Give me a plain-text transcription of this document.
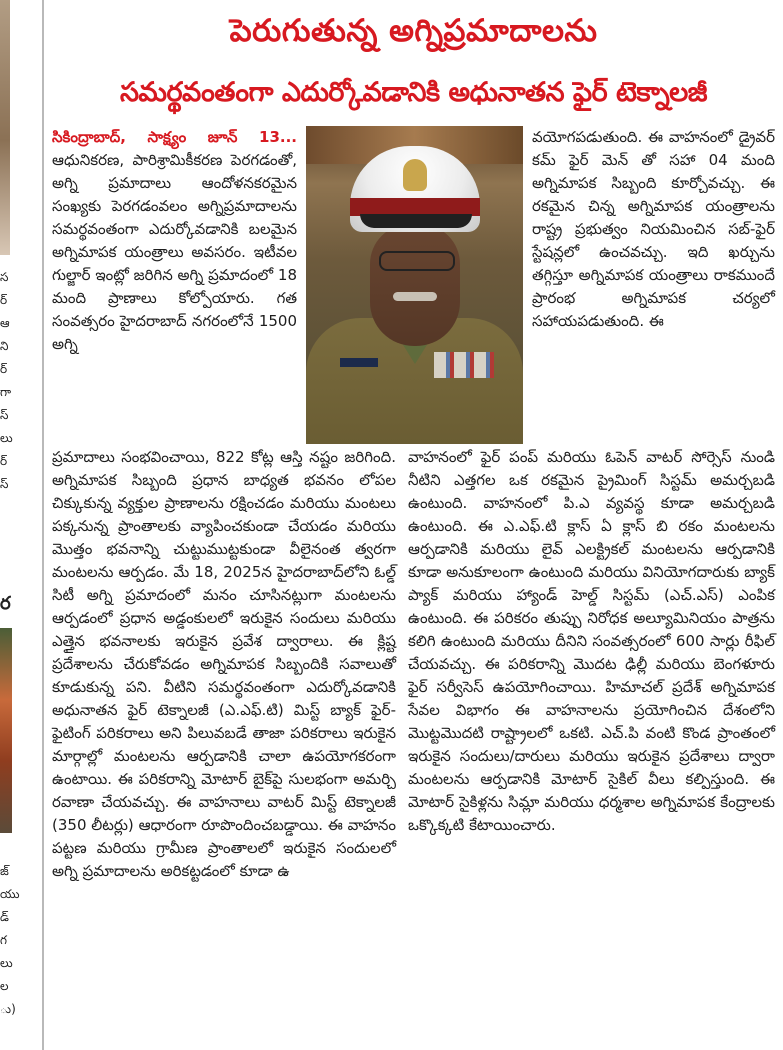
స
ర్
ఆ
ని
ర్
గా
స్
లు
ర్
స్
ర
జ్
యు
డ్
గ
లు
ల
ు)
పెరుగుతున్న అగ్నిప్రమాదాలను
సమర్థవంతంగా ఎదుర్కోవడానికి అధునాతన ఫైర్ టెక్నాలజీ
సికింద్రాబాద్, సాక్ష్యం జూన్ 13... ఆధునికరణ, పారిశ్రామికీకరణ పెరగడంతో, అగ్ని ప్రమాదాలు ఆందోళనకరమైన సంఖ్యకు పెరగడంవలం అగ్నిప్రమాదాలను సమర్థవంతంగా ఎదుర్కోవడానికి బలమైన అగ్నిమాపక యంత్రాలు అవసరం. ఇటీవల గుల్జార్ ఇంట్లో జరిగిన అగ్ని ప్రమాదంలో 18 మంది ప్రాణాలు కోల్పోయారు. గత సంవత్సరం హైదరాబాద్ నగరంలోనే 1500 అగ్ని
వయోగపడుతుంది. ఈ వాహనంలో డ్రైవర్ కమ్ ఫైర్ మెన్ తో సహా 04 మంది అగ్నిమాపక సిబ్బంది కూర్చోవచ్చు. ఈ రకమైన చిన్న అగ్నిమాపక యంత్రాలను రాష్ట్ర ప్రభుత్వం నియమించిన సబ్-ఫైర్ స్టేషన్లలో ఉంచవచ్చు. ఇది ఖర్చును తగ్గిస్తూ అగ్నిమాపక యంత్రాలు రాకముందే ప్రారంభ అగ్నిమాపక చర్యలో సహాయపడుతుంది. ఈ
ప్రమాదాలు సంభవించాయి, 822 కోట్ల ఆస్తి నష్టం జరిగింది. అగ్నిమాపక సిబ్బంది ప్రధాన బాధ్యత భవనం లోపల చిక్కుకున్న వ్యక్తుల ప్రాణాలను రక్షించడం మరియు మంటలు పక్కనున్న ప్రాంతాలకు వ్యాపించకుండా చేయడం మరియు మొత్తం భవనాన్ని చుట్టుముట్టకుండా వీలైనంత త్వరగా మంటలను ఆర్పడం. మే 18, 2025న హైదరాబాద్‌లోని ఓల్డ్ సిటీ అగ్ని ప్రమాదంలో మనం చూసినట్లుగా మంటలను ఆర్పడంలో ప్రధాన అడ్డంకులలో ఇరుకైన సందులు మరియు ఎత్తైన భవనాలకు ఇరుకైన ప్రవేశ ద్వారాలు. ఈ క్లిష్ట ప్రదేశాలను చేరుకోవడం అగ్నిమాపక సిబ్బందికి సవాలుతో కూడుకున్న పని. వీటిని సమర్థవంతంగా ఎదుర్కోవడానికి అధునాతన ఫైర్ టెక్నాలజీ (ఎ.ఎఫ్.టి) మిస్ట్ బ్యాక్ ఫైర్-ఫైటింగ్ పరికరాలు అని పిలువబడే తాజా పరికరాలు ఇరుకైన మార్గాల్లో మంటలను ఆర్పడానికి చాలా ఉపయోగకరంగా ఉంటాయి. ఈ పరికరాన్ని మోటార్ బైక్‌పై సులభంగా అమర్చి రవాణా చేయవచ్చు. ఈ వాహనాలు వాటర్ మిస్ట్ టెక్నాలజీ (350 లీటర్లు) ఆధారంగా రూపొందించబడ్డాయి. ఈ వాహనం పట్టణ మరియు గ్రామీణ ప్రాంతాలలో ఇరుకైన సందులలో అగ్ని ప్రమాదాలను అరికట్టడంలో కూడా ఉ
వాహనంలో ఫైర్ పంప్ మరియు ఓపెన్ వాటర్ సోర్సెస్ నుండి నీటిని ఎత్తగల ఒక రకమైన ప్రైమింగ్ సిస్టమ్ అమర్చబడి ఉంటుంది. వాహనంలో పి.ఎ వ్యవస్థ కూడా అమర్చబడి ఉంటుంది. ఈ ఎ.ఎఫ్.టి క్లాస్ ఏ క్లాస్ బి రకం మంటలను ఆర్పడానికి మరియు లైవ్ ఎలక్ట్రికల్ మంటలను ఆర్పడానికి కూడా అనుకూలంగా ఉంటుంది మరియు వినియోగదారుకు బ్యాక్ ప్యాక్ మరియు హ్యాండ్ హెల్డ్ సిస్టమ్ (ఎచ్.ఎస్) ఎంపిక ఉంటుంది. ఈ పరికరం తుప్పు నిరోధక అల్యూమినియం పాత్రను కలిగి ఉంటుంది మరియు దీనిని సంవత్సరంలో 600 సార్లు రీఫిల్ చేయవచ్చు. ఈ పరికరాన్ని మొదట ఢిల్లీ మరియు బెంగళూరు ఫైర్ సర్వీసెస్ ఉపయోగించాయి. హిమాచల్ ప్రదేశ్ అగ్నిమాపక సేవల విభాగం ఈ వాహనాలను ప్రయోగించిన దేశంలోని మొట్టమొదటి రాష్ట్రాలలో ఒకటి. ఎచ్.పి వంటి కొండ ప్రాంతంలో ఇరుకైన సందులు/దారులు మరియు ఇరుకైన ప్రదేశాలు ద్వారా మంటలను ఆర్పడానికి మోటార్ సైకిల్ వీలు కల్పిస్తుంది. ఈ మోటార్ సైకిళ్లను సిమ్లా మరియు ధర్మశాల అగ్నిమాపక కేంద్రాలకు ఒక్కొక్కటి కేటాయించారు.
